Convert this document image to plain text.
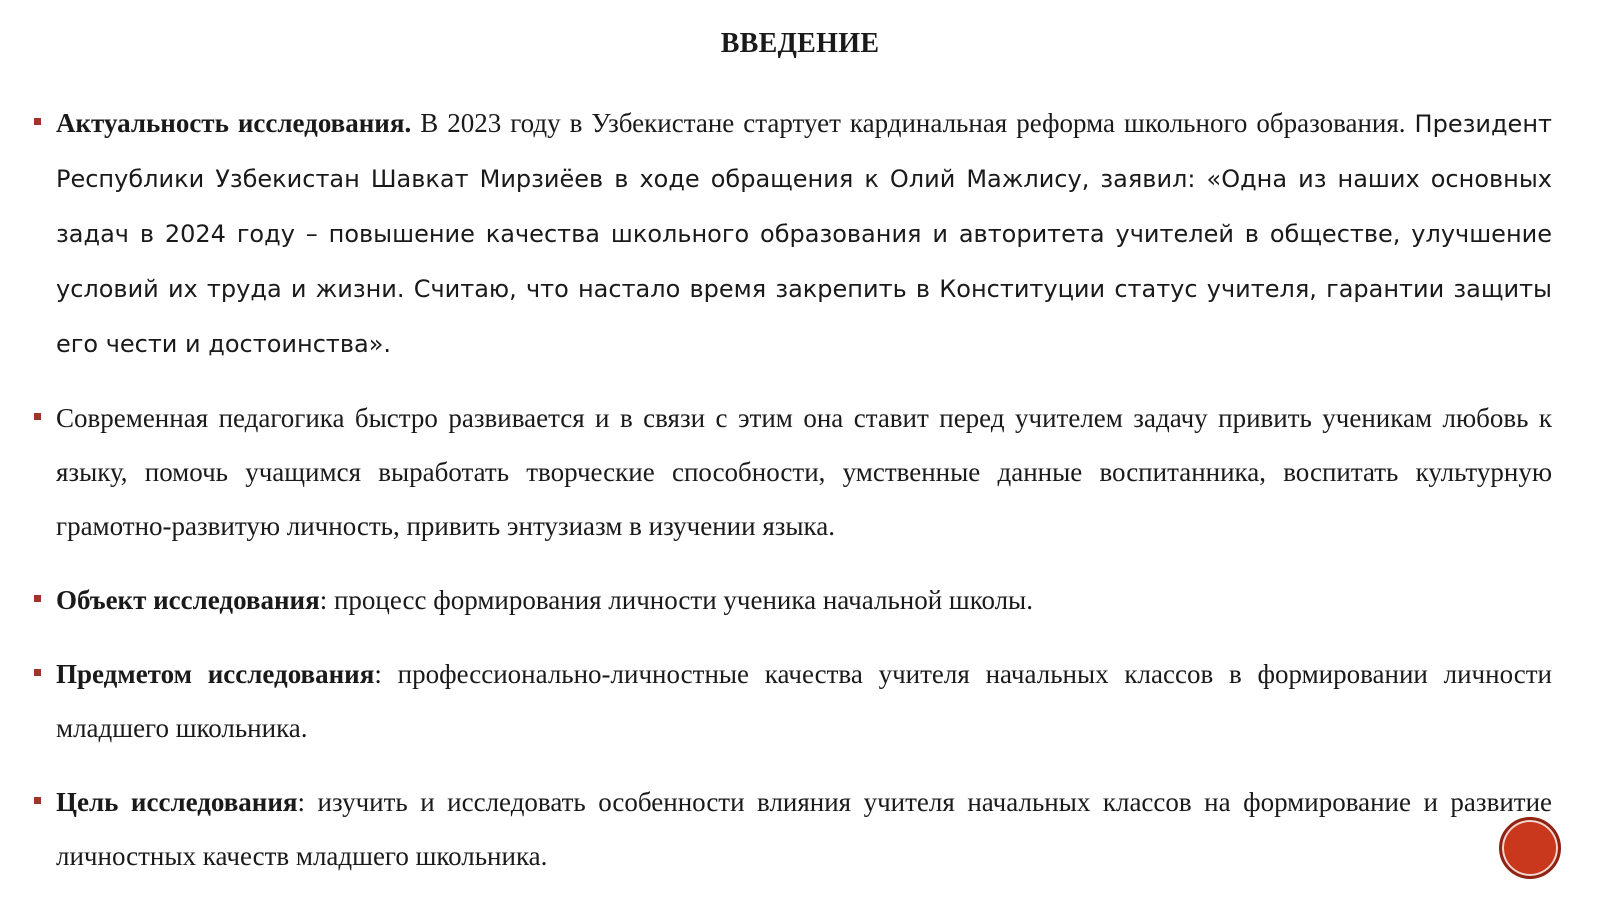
ВВЕДЕНИЕ
Актуальность исследования. В 2023 году в Узбекистане стартует кардинальная реформа школьного образования. Президент Республики Узбекистан Шавкат Мирзиёев в ходе обращения к Олий Мажлису, заявил: «Одна из наших основных задач в 2024 году – повышение качества школьного образования и авторитета учителей в обществе, улучшение условий их труда и жизни. Считаю, что настало время закрепить в Конституции статус учителя, гарантии защиты его чести и достоинства».
Современная педагогика быстро развивается и в связи с этим она ставит перед учителем задачу привить ученикам любовь к языку, помочь учащимся выработать творческие способности, умственные данные воспитанника, воспитать культурную грамотно-развитую личность, привить энтузиазм в изучении языка.
Объект исследования: процесс формирования личности ученика начальной школы.
Предметом исследования: профессионально-личностные качества учителя начальных классов в формировании личности младшего школьника.
Цель исследования: изучить и исследовать особенности влияния учителя начальных классов на формирование и развитие личностных качеств младшего школьника.
